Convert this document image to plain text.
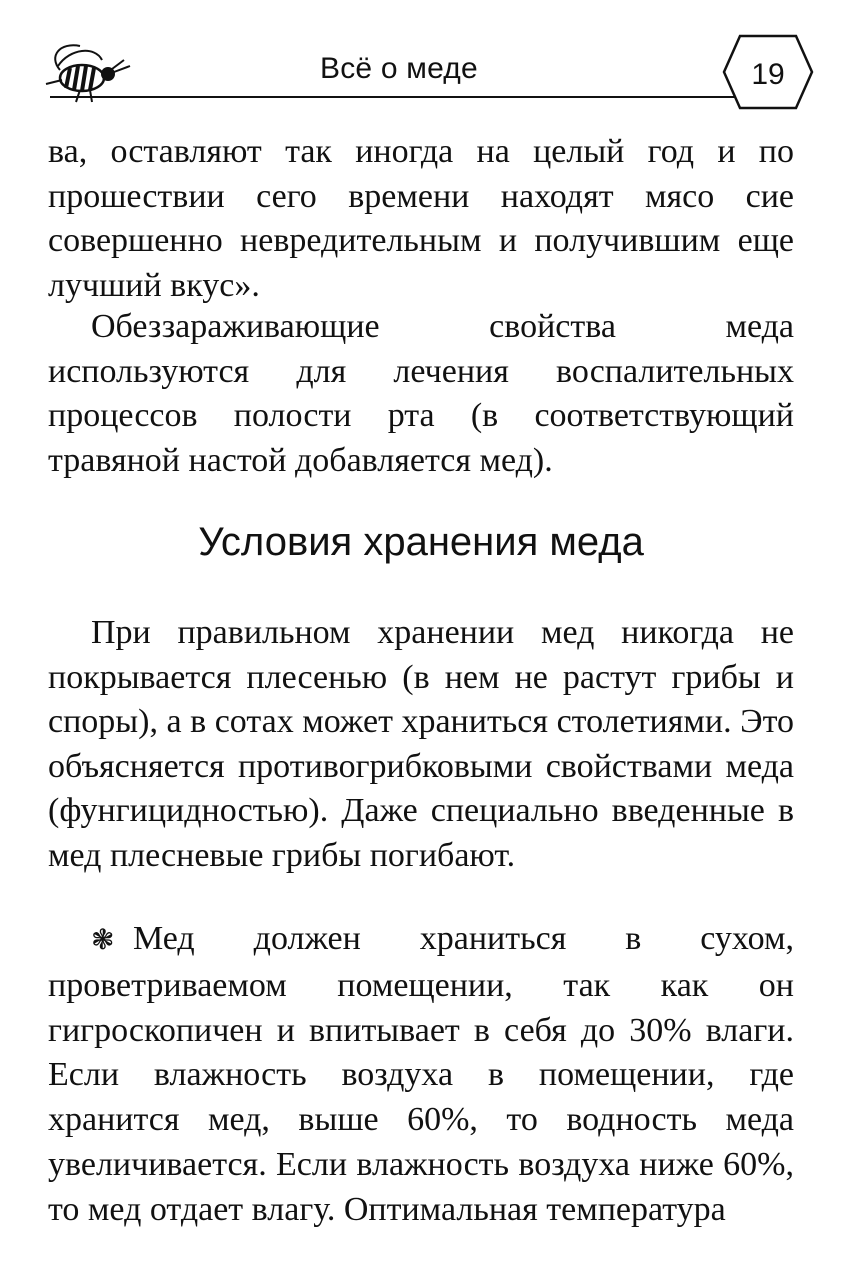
Всё о меде	19

ва, оставляют так иногда на целый год и по прошествии сего времени находят мясо сие совершенно невредительным и получившим еще лучший вкус».

Обеззараживающие свойства меда используются для лечения воспалительных процессов полости рта (в соответствующий травяной настой добавляется мед).

Условия хранения меда

При правильном хранении мед никогда не покрывается плесенью (в нем не растут грибы и споры), а в сотах может храниться столетиями. Это объясняется противогрибковыми свойствами меда (фунгицидностью). Даже специально введенные в мед плесневые грибы погибают.

❃ Мед должен храниться в сухом, проветриваемом помещении, так как он гигроскопичен и впитывает в себя до 30% влаги. Если влажность воздуха в помещении, где хранится мед, выше 60%, то водность меда увеличивается. Если влажность воздуха ниже 60%, то мед отдает влагу. Оптимальная температура
